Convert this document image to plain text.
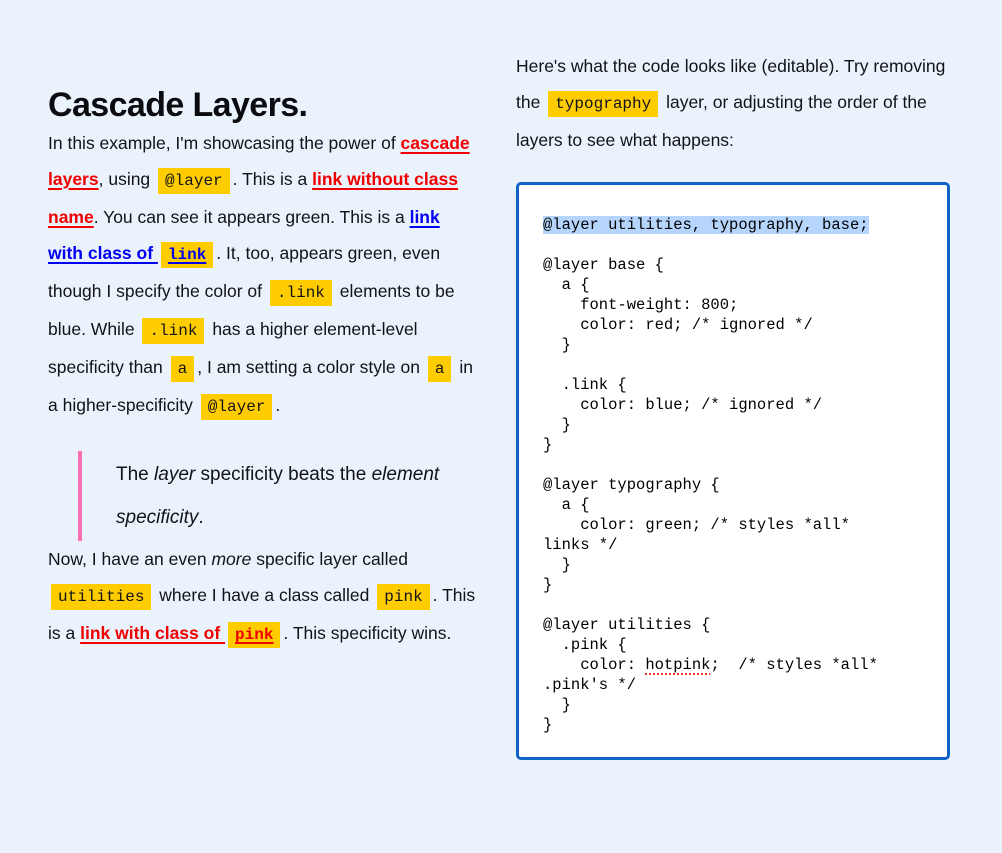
Cascade Layers.

In this example, I'm showcasing the power of cascade layers, using @layer . This is a link without class name. You can see it appears green. This is a link with class of link . It, too, appears green, even though I specify the color of .link elements to be blue. While .link has a higher element-level specificity than a , I am setting a color style on a in a higher-specificity @layer .

The layer specificity beats the element specificity.

Now, I have an even more specific layer called utilities where I have a class called pink . This is a link with class of pink . This specificity wins.

Here's what the code looks like (editable). Try removing the typography layer, or adjusting the order of the layers to see what happens:

@layer utilities, typography, base;
@layer base {
a {
font-weight: 800;
color: red; /* ignored */
}
.link {
color: blue; /* ignored */
}
}
@layer typography {
a {
color: green; /* styles *all*
links */
}
}
@layer utilities {
.pink {
color: hotpink;  /* styles *all*
.pink's */
}
}
